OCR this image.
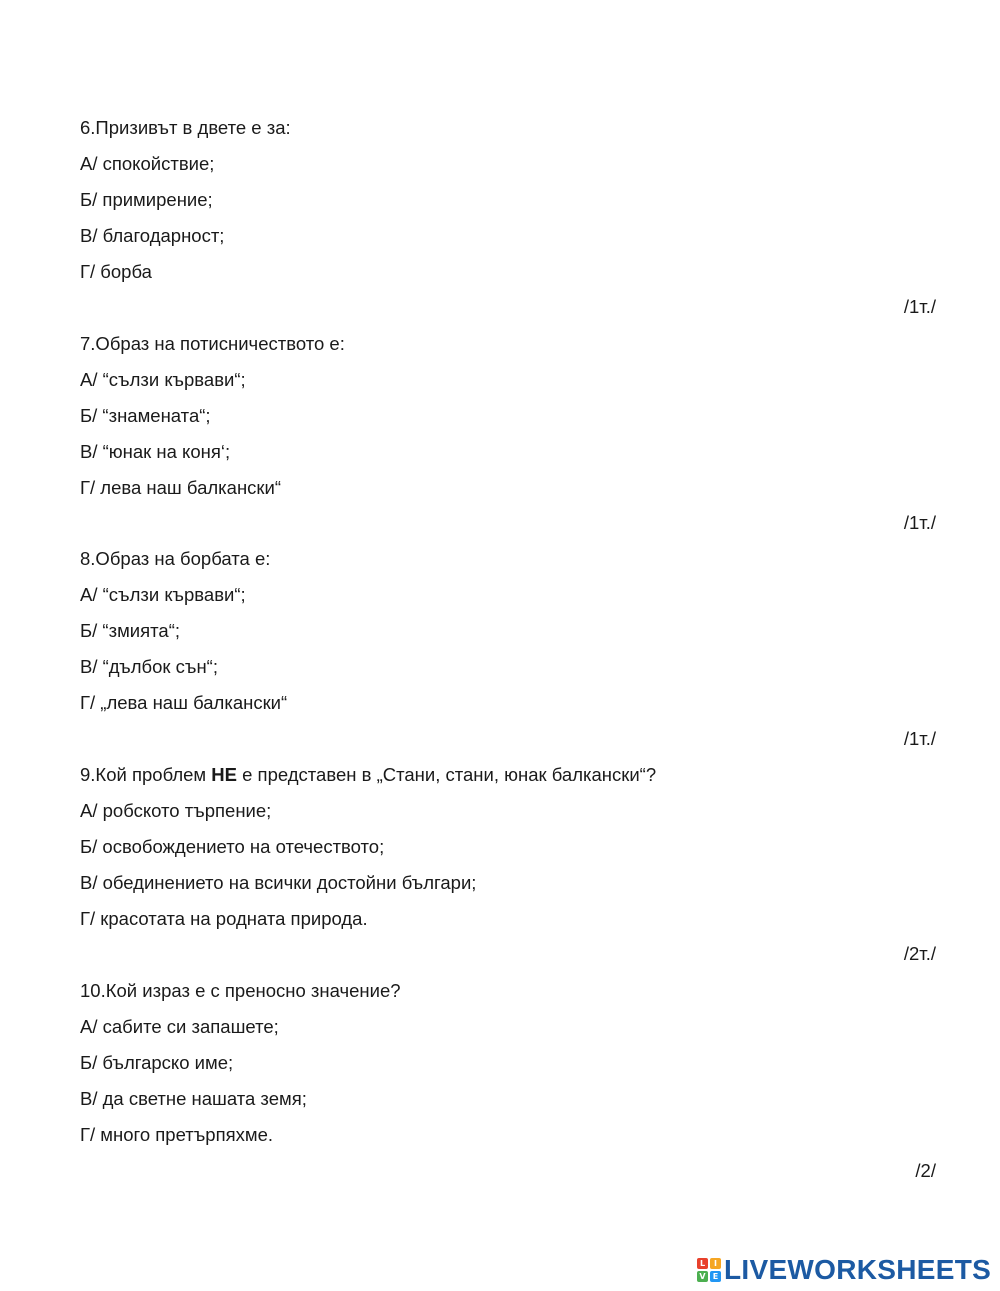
6.Призивът в двете е за:
А/ спокойствие;
Б/ примирение;
В/ благодарност;
Г/ борба
/1т./
7.Образ на потисничеството е:
А/ “сълзи кървави“;
Б/ “знамената“;
В/ “юнак на коня‘;
Г/ лева наш балкански“
/1т./
8.Образ на борбата е:
А/ “сълзи кървави“;
Б/ “змията“;
В/ “дълбок сън“;
Г/ „лева наш балкански“
/1т./
9.Кой проблем НЕ е представен в „Стани, стани, юнак балкански“?
А/ робското търпение;
Б/ освобождението на отечеството;
В/ обединението на всички достойни българи;
Г/ красотата на родната природа.
/2т./
10.Кой израз е с преносно значение?
А/ сабите си запашете;
Б/ българско име;
В/ да светне нашата земя;
Г/ много претърпяхме.
/2/
L	I
V E LIVEWORKSHEETS
